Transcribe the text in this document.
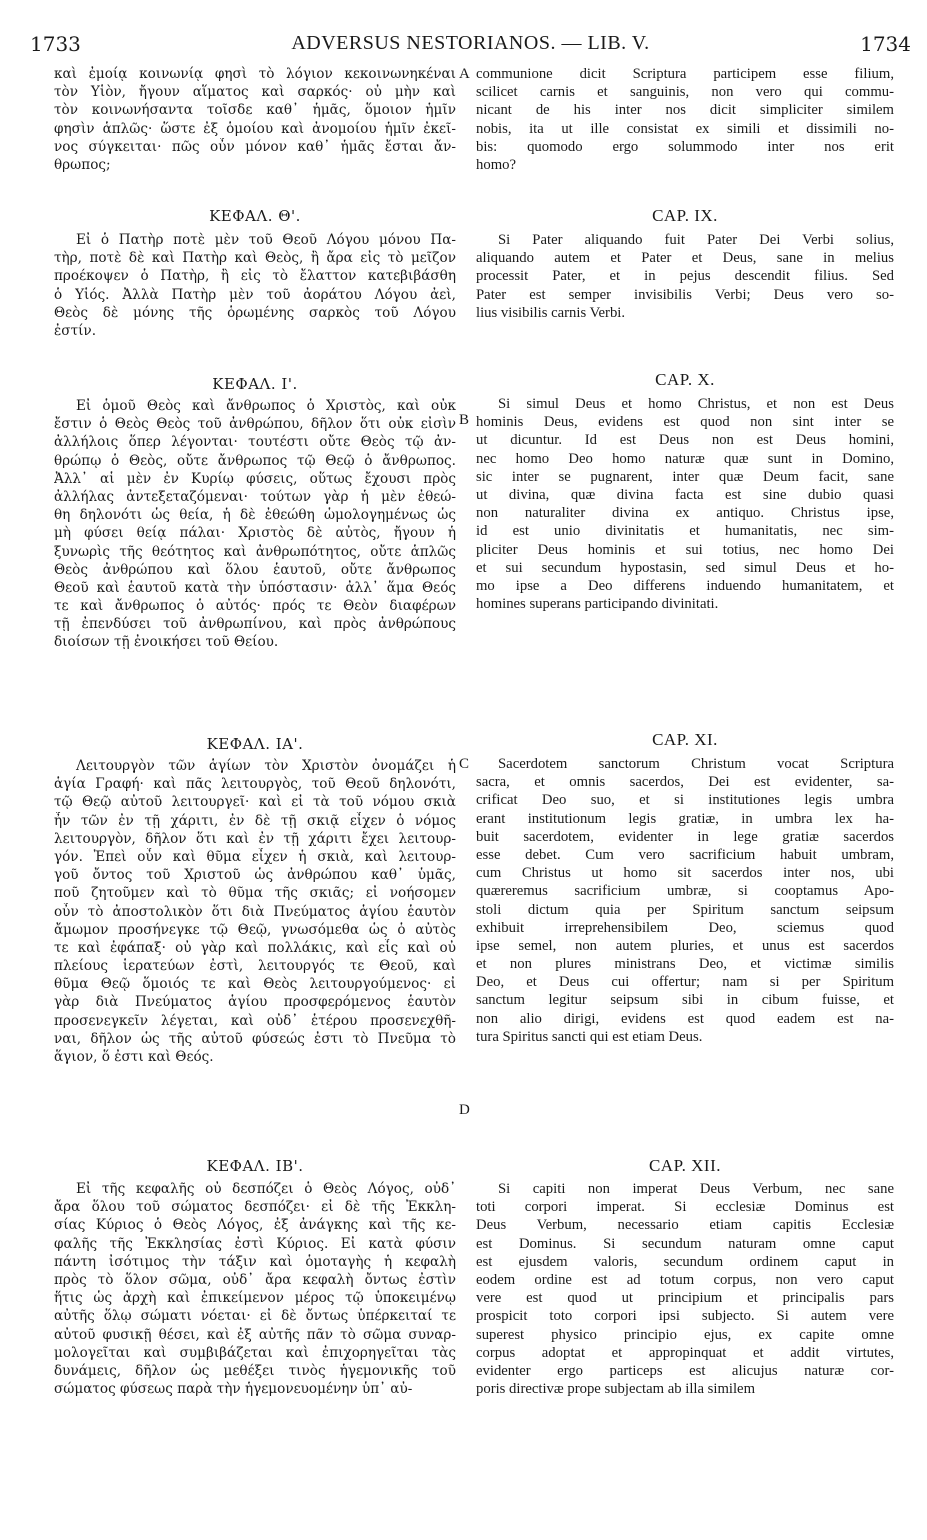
1733	ADVERSUS NESTORIANOS. — LIB. V.	1734
A
B
C
D
καὶ ἐμοίᾳ κοινωνίᾳ φησὶ τὸ λόγιον κεκοινωνηκέναι
τὸν Υἱὸν, ἤγουν αἵματος καὶ σαρκός· οὐ μὴν καὶ
τὸν κοινωνήσαντα τοῖσδε καθ᾽ ἡμᾶς, ὅμοιον ἡμῖν
φησὶν ἁπλῶς· ὥστε ἐξ ὁμοίου καὶ ἀνομοίου ἡμῖν ἐκεῖ-
νος σύγκειται· πῶς οὖν μόνον καθ᾽ ἡμᾶς ἔσται ἄν-
θρωπος;
ΚΕΦΑΛ. Θ'.
Εἰ ὁ Πατὴρ ποτὲ μὲν τοῦ Θεοῦ Λόγου μόνου Πα-
τὴρ, ποτὲ δὲ καὶ Πατὴρ καὶ Θεὸς, ἢ ἄρα εἰς τὸ μεῖζον
προέκοψεν ὁ Πατὴρ, ἢ εἰς τὸ ἔλαττον κατεβιβάσθη
ὁ Υἱός. Ἀλλὰ Πατὴρ μὲν τοῦ ἀοράτου Λόγου ἀεὶ,
Θεὸς δὲ μόνης τῆς ὁρωμένης σαρκὸς τοῦ Λόγου
ἐστίν.
ΚΕΦΑΛ. Ι'.
Εἰ ὁμοῦ Θεὸς καὶ ἄνθρωπος ὁ Χριστὸς, καὶ οὐκ
ἔστιν ὁ Θεὸς Θεὸς τοῦ ἀνθρώπου, δῆλον ὅτι οὐκ εἰσὶν
ἀλλήλοις ὅπερ λέγονται· τουτέστι οὔτε Θεὸς τῷ ἀν-
θρώπῳ ὁ Θεὸς, οὔτε ἄνθρωπος τῷ Θεῷ ὁ ἄνθρωπος.
Ἀλλ᾽ αἱ μὲν ἐν Κυρίῳ φύσεις, οὕτως ἔχουσι πρὸς
ἀλλήλας ἀντεξεταζόμεναι· τούτων γὰρ ἡ μὲν ἐθεώ-
θη δηλονότι ὡς θεία, ἡ δὲ ἐθεώθη ὡμολογημένως ὡς
μὴ φύσει θείᾳ πάλαι· Χριστὸς δὲ αὐτὸς, ἤγουν ἡ
ξυνωρὶς τῆς θεότητος καὶ ἀνθρωπότητος, οὔτε ἁπλῶς
Θεὸς ἀνθρώπου καὶ ὅλου ἑαυτοῦ, οὔτε ἄνθρωπος
Θεοῦ καὶ ἑαυτοῦ κατὰ τὴν ὑπόστασιν· ἀλλ᾽ ἅμα Θεός
τε καὶ ἄνθρωπος ὁ αὐτός· πρός τε Θεὸν διαφέρων
τῇ ἐπενδύσει τοῦ ἀνθρωπίνου, καὶ πρὸς ἀνθρώπους
διοίσων τῇ ἐνοικήσει τοῦ Θείου.
ΚΕΦΑΛ. ΙΑ'.
Λειτουργὸν τῶν ἁγίων τὸν Χριστὸν ὀνομάζει ἡ
ἁγία Γραφή· καὶ πᾶς λειτουργὸς, τοῦ Θεοῦ δηλονότι,
τῷ Θεῷ αὐτοῦ λειτουργεῖ· καὶ εἰ τὰ τοῦ νόμου σκιὰ
ἦν τῶν ἐν τῇ χάριτι, ἐν δὲ τῇ σκιᾷ εἶχεν ὁ νόμος
λειτουργὸν, δῆλον ὅτι καὶ ἐν τῇ χάριτι ἔχει λειτουρ-
γόν. Ἐπεὶ οὖν καὶ θῦμα εἶχεν ἡ σκιὰ, καὶ λειτουρ-
γοῦ ὄντος τοῦ Χριστοῦ ὡς ἀνθρώπου καθ᾽ ὑμᾶς,
ποῦ ζητοῦμεν καὶ τὸ θῦμα τῆς σκιᾶς; εἰ νοήσομεν
οὖν τὸ ἀποστολικὸν ὅτι διὰ Πνεύματος ἁγίου ἑαυτὸν
ἄμωμον προσήνεγκε τῷ Θεῷ, γνωσόμεθα ὡς ὁ αὐτὸς
τε καὶ ἐφάπαξ· οὐ γὰρ καὶ πολλάκις, καὶ εἷς καὶ οὐ
πλείους ἱερατεύων ἐστὶ, λειτουργός τε Θεοῦ, καὶ
θῦμα Θεῷ ὅμοιός τε καὶ Θεὸς λειτουργούμενος· εἰ
γὰρ διὰ Πνεύματος ἁγίου προσφερόμενος ἑαυτὸν
προσενεγκεῖν λέγεται, καὶ οὐδ᾽ ἑτέρου προσενεχθῆ-
ναι, δῆλον ὡς τῆς αὐτοῦ φύσεώς ἐστι τὸ Πνεῦμα τὸ
ἅγιον, ὅ ἐστι καὶ Θεός.
ΚΕΦΑΛ. ΙΒ'.
Εἰ τῆς κεφαλῆς οὐ δεσπόζει ὁ Θεὸς Λόγος, οὐδ᾽
ἄρα ὅλου τοῦ σώματος δεσπόζει· εἰ δὲ τῆς Ἐκκλη-
σίας Κύριος ὁ Θεὸς Λόγος, ἐξ ἀνάγκης καὶ τῆς κε-
φαλῆς τῆς Ἐκκλησίας ἐστὶ Κύριος. Εἰ κατὰ φύσιν
πάντη ἰσότιμος τὴν τάξιν καὶ ὁμοταγὴς ἡ κεφαλὴ
πρὸς τὸ ὅλον σῶμα, οὐδ᾽ ἄρα κεφαλὴ ὄντως ἐστὶν
ἥτις ὡς ἀρχὴ καὶ ἐπικείμενον μέρος τῷ ὑποκειμένῳ
αὐτῆς ὅλῳ σώματι νόεται· εἰ δὲ ὄντως ὑπέρκειταί τε
αὐτοῦ φυσικῇ θέσει, καὶ ἐξ αὐτῆς πᾶν τὸ σῶμα συναρ-
μολογεῖται καὶ συμβιβάζεται καὶ ἐπιχορηγεῖται τὰς
δυνάμεις, δῆλον ὡς μεθέξει τινὸς ἡγεμονικῆς τοῦ
σώματος φύσεως παρὰ τὴν ἡγεμονευομένην ὑπ᾽ αὐ-
communione dicit Scriptura participem esse filium,
scilicet carnis et sanguinis, non vero qui commu-
nicant de his inter nos dicit simpliciter similem
nobis, ita ut ille consistat ex simili et dissimili no-
bis: quomodo ergo solummodo inter nos erit
homo?
CAP. IX.
Si Pater aliquando fuit Pater Dei Verbi solius,
aliquando autem et Pater et Deus, sane in melius
processit Pater, et in pejus descendit filius. Sed
Pater est semper invisibilis Verbi; Deus vero so-
lius visibilis carnis Verbi.
CAP. X.
Si simul Deus et homo Christus, et non est Deus
hominis Deus, evidens est quod non sint inter se
ut dicuntur. Id est Deus non est Deus homini,
nec homo Deo homo naturæ quæ sunt in Domino,
sic inter se pugnarent, inter quæ Deum facit, sane
ut divina, quæ divina facta est sine dubio quasi
non naturaliter divina ex antiquo. Christus ipse,
id est unio divinitatis et humanitatis, nec sim-
pliciter Deus hominis et sui totius, nec homo Dei
et sui secundum hypostasin, sed simul Deus et ho-
mo ipse a Deo differens induendo humanitatem, et
homines superans participando divinitati.
CAP. XI.
Sacerdotem sanctorum Christum vocat Scriptura
sacra, et omnis sacerdos, Dei est evidenter, sa-
crificat Deo suo, et si institutiones legis umbra
erant institutionum legis gratiæ, in umbra lex ha-
buit sacerdotem, evidenter in lege gratiæ sacerdos
esse debet. Cum vero sacrificium habuit umbram,
cum Christus ut homo sit sacerdos inter nos, ubi
quæreremus sacrificium umbræ, si cooptamus Apo-
stoli dictum quia per Spiritum sanctum seipsum
exhibuit irreprehensibilem Deo, sciemus quod
ipse semel, non autem pluries, et unus est sacerdos
et non plures ministrans Deo, et victimæ similis
Deo, et Deus cui offertur; nam si per Spiritum
sanctum legitur seipsum sibi in cibum fuisse, et
non alio dirigi, evidens est quod eadem est na-
tura Spiritus sancti qui est etiam Deus.
CAP. XII.
Si capiti non imperat Deus Verbum, nec sane
toti corpori imperat. Si ecclesiæ Dominus est
Deus Verbum, necessario etiam capitis Ecclesiæ
est Dominus. Si secundum naturam omne caput
est ejusdem valoris, secundum ordinem caput in
eodem ordine est ad totum corpus, non vero caput
vere est quod ut principium et principalis pars
prospicit toto corpori ipsi subjecto. Si autem vere
superest physico principio ejus, ex capite omne
corpus adoptat et appropinquat et addit virtutes,
evidenter ergo particeps est alicujus naturæ cor-
poris directivæ prope subjectam ab illa similem
